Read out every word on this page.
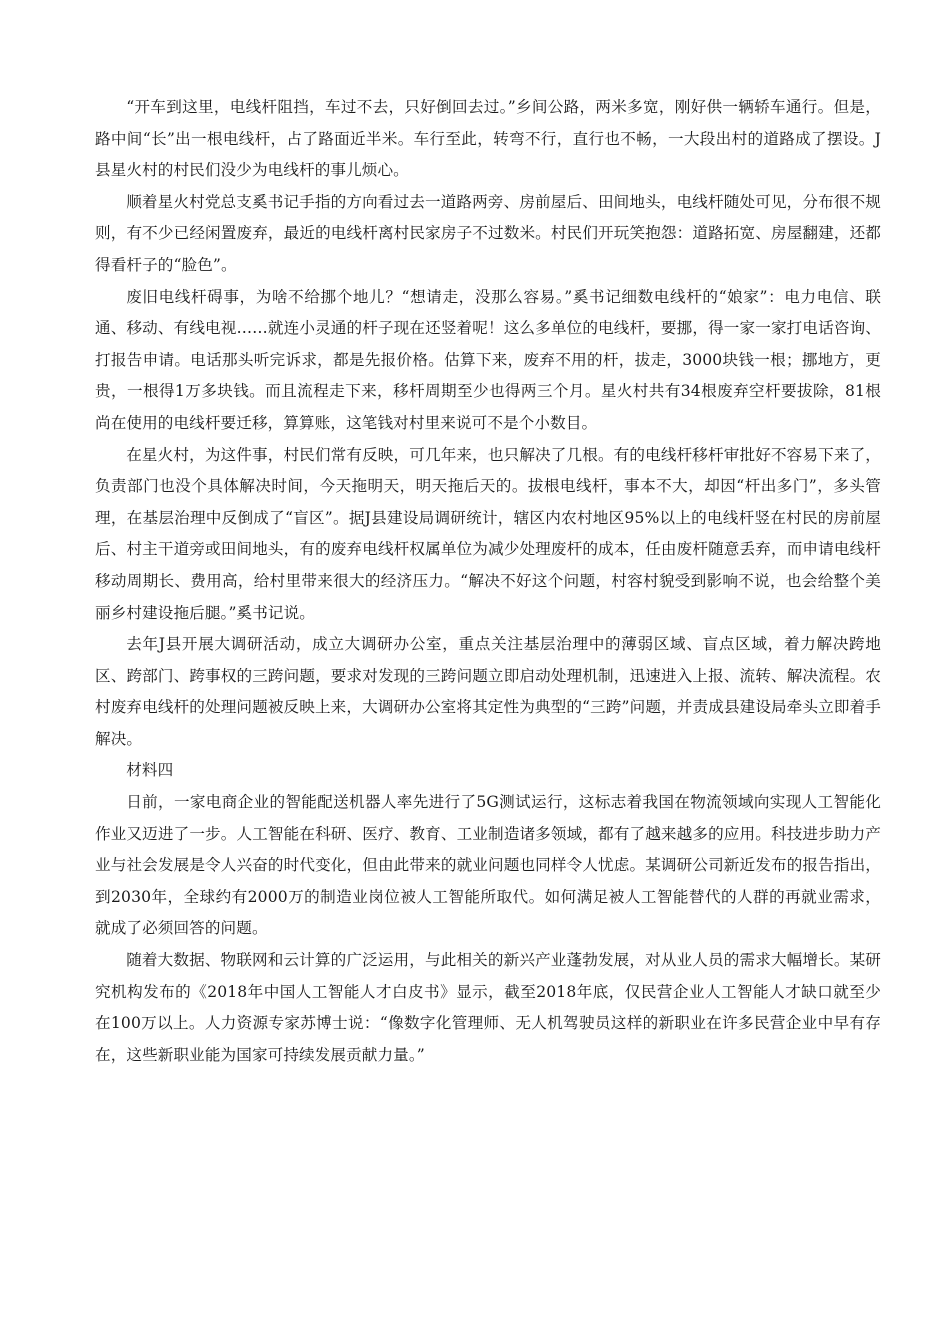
“开车到这里，电线杆阻挡，车过不去，只好倒回去过。”乡间公路，两米多宽，刚好供一辆轿车通行。但是，路中间“长”出一根电线杆，占了路面近半米。车行至此，转弯不行，直行也不畅，一大段出村的道路成了摆设。J县星火村的村民们没少为电线杆的事儿烦心。

顺着星火村党总支奚书记手指的方向看过去一道路两旁、房前屋后、田间地头，电线杆随处可见，分布很不规则，有不少已经闲置废弃，最近的电线杆离村民家房子不过数米。村民们开玩笑抱怨：道路拓宽、房屋翻建，还都得看杆子的“脸色”。

废旧电线杆碍事，为啥不给挪个地儿？“想请走，没那么容易。”奚书记细数电线杆的“娘家”：电力电信、联通、移动、有线电视……就连小灵通的杆子现在还竖着呢！这么多单位的电线杆，要挪，得一家一家打电话咨询、打报告申请。电话那头听完诉求，都是先报价格。估算下来，废弃不用的杆，拔走，3000块钱一根；挪地方，更贵，一根得1万多块钱。而且流程走下来，移杆周期至少也得两三个月。星火村共有34根废弃空杆要拔除，81根尚在使用的电线杆要迁移，算算账，这笔钱对村里来说可不是个小数目。

在星火村，为这件事，村民们常有反映，可几年来，也只解决了几根。有的电线杆移杆审批好不容易下来了，负责部门也没个具体解决时间，今天拖明天，明天拖后天的。拔根电线杆，事本不大，却因“杆出多门”，多头管理，在基层治理中反倒成了“盲区”。据J县建设局调研统计，辖区内农村地区95%以上的电线杆竖在村民的房前屋后、村主干道旁或田间地头，有的废弃电线杆权属单位为减少处理废杆的成本，任由废杆随意丢弃，而申请电线杆移动周期长、费用高，给村里带来很大的经济压力。“解决不好这个问题，村容村貌受到影响不说，也会给整个美丽乡村建设拖后腿。”奚书记说。

去年J县开展大调研活动，成立大调研办公室，重点关注基层治理中的薄弱区域、盲点区域，着力解决跨地区、跨部门、跨事权的三跨问题，要求对发现的三跨问题立即启动处理机制，迅速进入上报、流转、解决流程。农村废弃电线杆的处理问题被反映上来，大调研办公室将其定性为典型的“三跨”问题，并责成县建设局牵头立即着手解决。

材料四

日前，一家电商企业的智能配送机器人率先进行了5G测试运行，这标志着我国在物流领域向实现人工智能化作业又迈进了一步。人工智能在科研、医疗、教育、工业制造诸多领域，都有了越来越多的应用。科技进步助力产业与社会发展是令人兴奋的时代变化，但由此带来的就业问题也同样令人忧虑。某调研公司新近发布的报告指出，到2030年，全球约有2000万的制造业岗位被人工智能所取代。如何满足被人工智能替代的人群的再就业需求，就成了必须回答的问题。

随着大数据、物联网和云计算的广泛运用，与此相关的新兴产业蓬勃发展，对从业人员的需求大幅增长。某研究机构发布的《2018年中国人工智能人才白皮书》显示，截至2018年底，仅民营企业人工智能人才缺口就至少在100万以上。人力资源专家苏博士说：“像数字化管理师、无人机驾驶员这样的新职业在许多民营企业中早有存在，这些新职业能为国家可持续发展贡献力量。”
